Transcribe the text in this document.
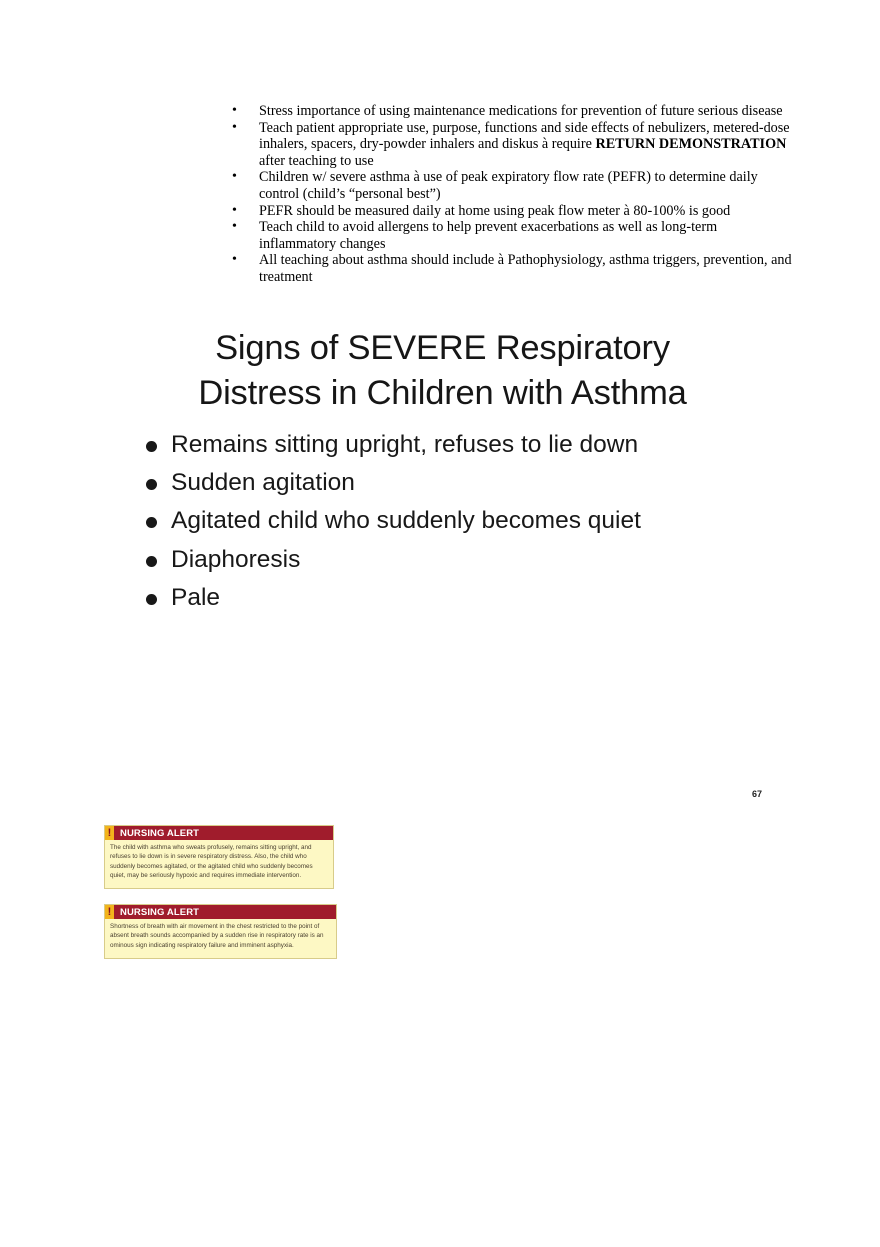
• Stress importance of using maintenance medications for prevention of future serious disease
• Teach patient appropriate use, purpose, functions and side effects of nebulizers, metered-dose inhalers, spacers, dry-powder inhalers and diskus à require RETURN DEMONSTRATION after teaching to use
• Children w/ severe asthma à use of peak expiratory flow rate (PEFR) to determine daily control (child’s “personal best”)
• PEFR should be measured daily at home using peak flow meter à 80-100% is good
• Teach child to avoid allergens to help prevent exacerbations as well as long-term inflammatory changes
• All teaching about asthma should include à Pathophysiology, asthma triggers, prevention, and treatment
Signs of SEVERE Respiratory
Distress in Children with Asthma
Remains sitting upright, refuses to lie down
Sudden agitation
Agitated child who suddenly becomes quiet
Diaphoresis
Pale
67
! NURSING ALERT
The child with asthma who sweats profusely, remains sitting upright, and refuses to lie down is in severe respiratory distress. Also, the child who suddenly becomes agitated, or the agitated child who suddenly becomes quiet, may be seriously hypoxic and requires immediate intervention.
! NURSING ALERT
Shortness of breath with air movement in the chest restricted to the point of absent breath sounds accompanied by a sudden rise in respiratory rate is an ominous sign indicating respiratory failure and imminent asphyxia.
